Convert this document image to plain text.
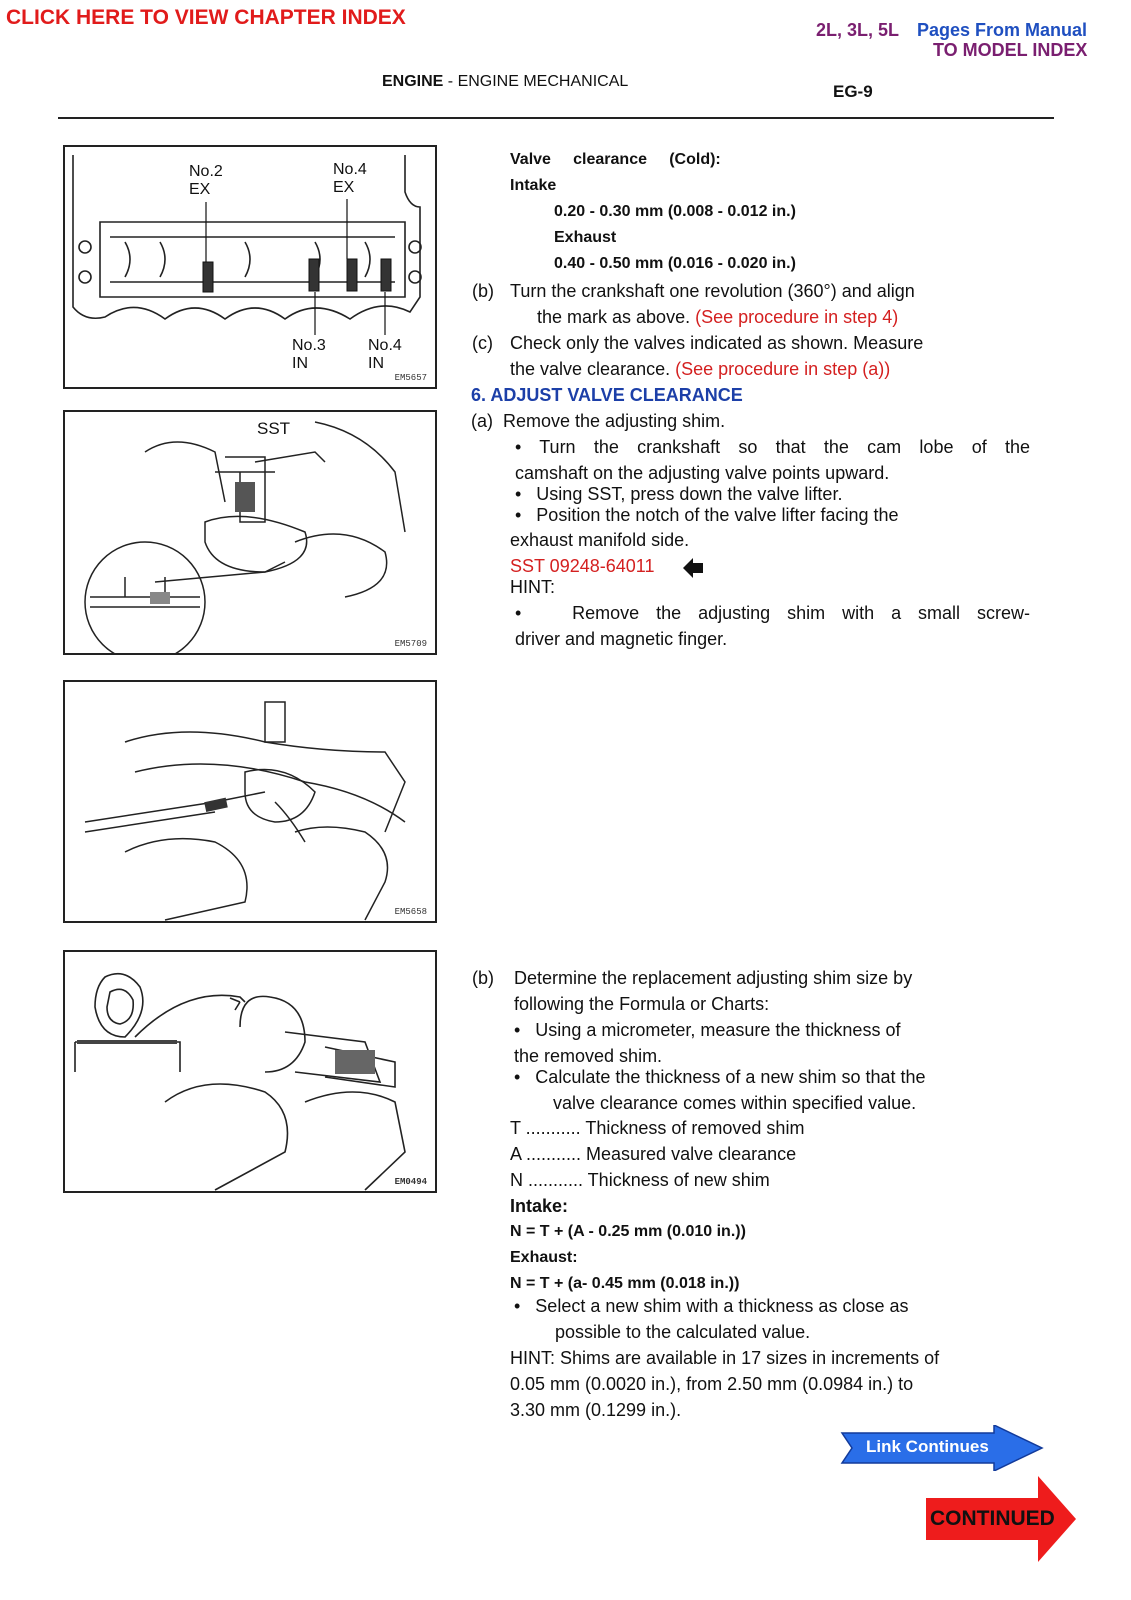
CLICK HERE TO VIEW CHAPTER INDEX
2L, 3L, 5L Pages From Manual
TO MODEL INDEX
ENGINE - ENGINE MECHANICAL
EG-9
No.2
EX
No.4
EX
No.3
IN
No.4
IN
EM5657
SST
EM5709
EM5658
EM0494
Valve     clearance     (Cold):
Intake
0.20 - 0.30 mm (0.008 - 0.012 in.)
Exhaust
0.40 - 0.50 mm (0.016 - 0.020 in.)
(b) Turn the crankshaft one revolution (360°) and align
the mark as above. (See procedure in step 4)
(c) Check only the valves indicated as shown. Measure
the valve clearance. (See procedure in step (a))
6. ADJUST VALVE CLEARANCE
(a)  Remove the adjusting shim.
•   Turn   the   crankshaft   so   that   the   cam   lobe   of   the
camshaft on the adjusting valve points upward.
•   Using SST, press down the valve lifter.
•   Position the notch of the valve lifter facing the
exhaust manifold side.
SST 09248-64011
HINT:
•         Remove   the   adjusting   shim   with   a   small   screw-
driver and magnetic finger.
(b) Determine the replacement adjusting shim size by
following the Formula or Charts:
•   Using a micrometer, measure the thickness of
the removed shim.
•   Calculate the thickness of a new shim so that the
valve clearance comes within specified value.
T ........... Thickness of removed shim
A ........... Measured valve clearance
N ........... Thickness of new shim
Intake:
N = T + (A - 0.25 mm (0.010 in.))
Exhaust:
N = T + (a- 0.45 mm (0.018 in.))
•   Select a new shim with a thickness as close as
possible to the calculated value.
HINT: Shims are available in 17 sizes in increments of
0.05 mm (0.0020 in.), from 2.50 mm (0.0984 in.) to
3.30 mm (0.1299 in.).
Link Continues
CONTINUED
